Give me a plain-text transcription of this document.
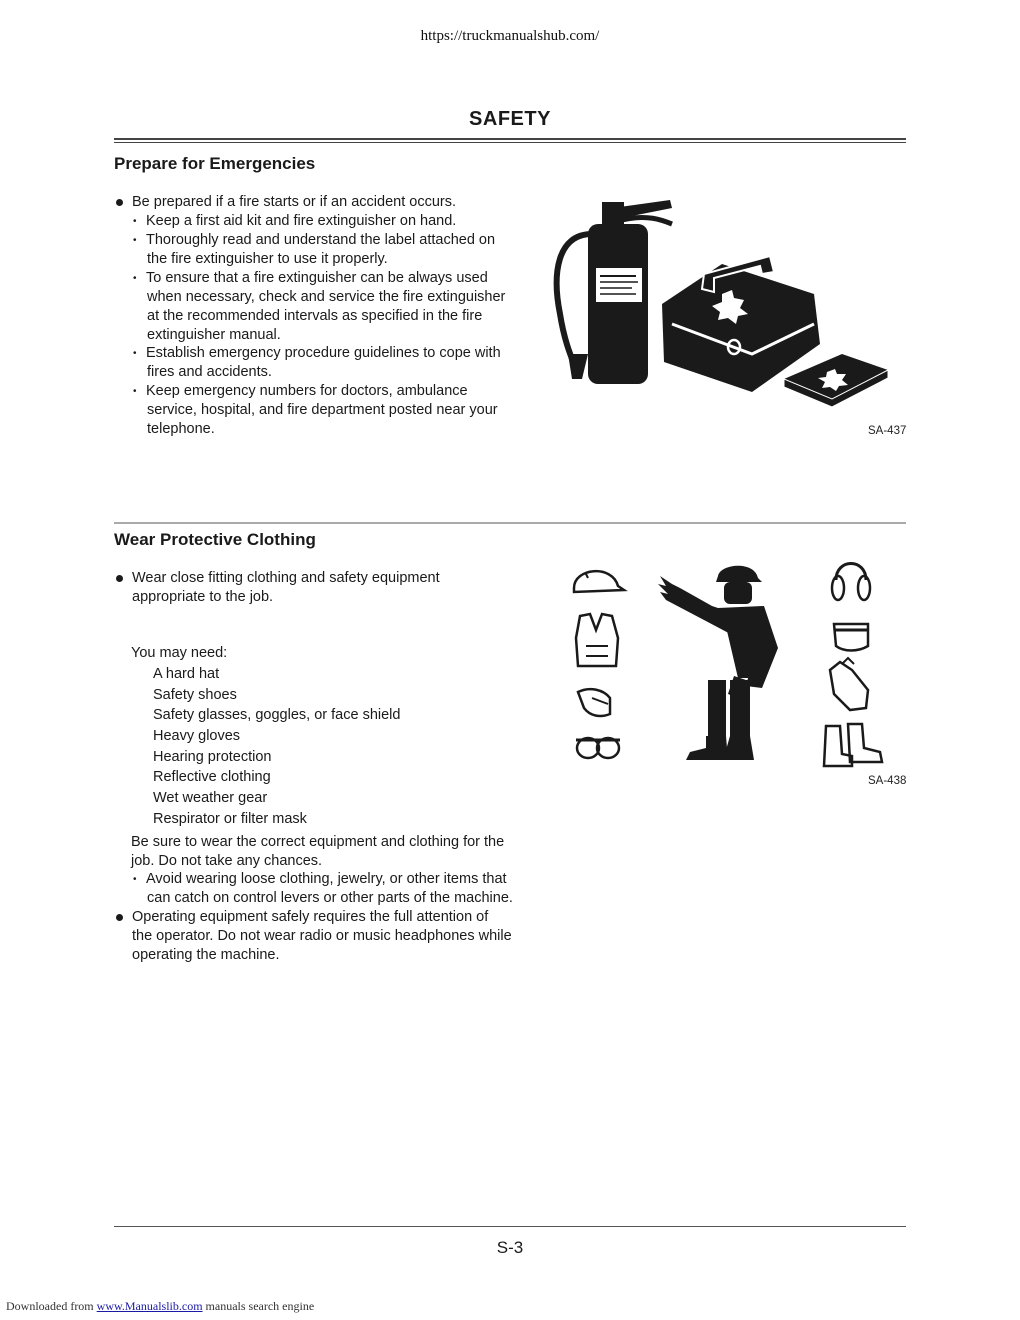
https://truckmanualshub.com/
SAFETY
Prepare for Emergencies
Be prepared if a fire starts or if an accident occurs.
• Keep a first aid kit and fire extinguisher on hand.
• Thoroughly read and understand the label attached on
the fire extinguisher to use it properly.
• To ensure that a fire extinguisher can be always used
when necessary, check and service the fire extinguisher
at the recommended intervals as specified in the fire
extinguisher manual.
• Establish emergency procedure guidelines to cope with
fires and accidents.
• Keep emergency numbers for doctors, ambulance
service, hospital, and fire department posted near your
telephone.	SA-437
Wear Protective Clothing
Wear close fitting clothing and safety equipment
appropriate to the job.
You may need:
A hard hat
Safety shoes
Safety glasses, goggles, or face shield
Heavy gloves
Hearing protection
Reflective clothing
Wet weather gear
Respirator or filter mask
Be sure to wear the correct equipment and clothing for the
job. Do not take any chances.
• Avoid wearing loose clothing, jewelry, or other items that
can catch on control levers or other parts of the machine.
Operating equipment safely requires the full attention of
the operator. Do not wear radio or music headphones while
operating the machine.
SA-438
S-3
Downloaded from www.Manualslib.com manuals search engine
